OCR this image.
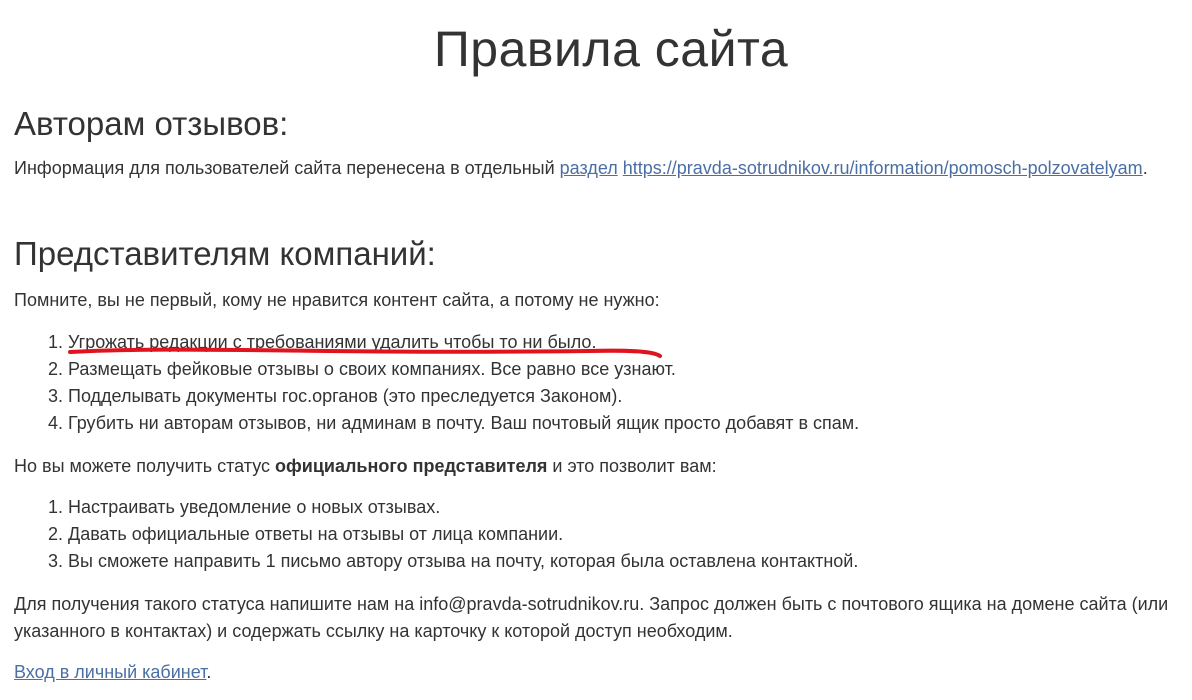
Правила сайта
Авторам отзывов:

Информация для пользователей сайта перенесена в отдельный раздел https://pravda-sotrudnikov.ru/information/pomosch-polzovatelyam.

Представителям компаний:

Помните, вы не первый, кому не нравится контент сайта, а потому не нужно:

1. Угрожать редакции с требованиями удалить чтобы то ни было.
2. Размещать фейковые отзывы о своих компаниях. Все равно все узнают.
3. Подделывать документы гос.органов (это преследуется Законом).
4. Грубить ни авторам отзывов, ни админам в почту. Ваш почтовый ящик просто добавят в спам.

Но вы можете получить статус официального представителя и это позволит вам:

1. Настраивать уведомление о новых отзывах.
2. Давать официальные ответы на отзывы от лица компании.
3. Вы сможете направить 1 письмо автору отзыва на почту, которая была оставлена контактной.

Для получения такого статуса напишите нам на info@pravda-sotrudnikov.ru. Запрос должен быть с почтового ящика на домене сайта (или указанного в контактах) и содержать ссылку на карточку к которой доступ необходим.

Вход в личный кабинет.
